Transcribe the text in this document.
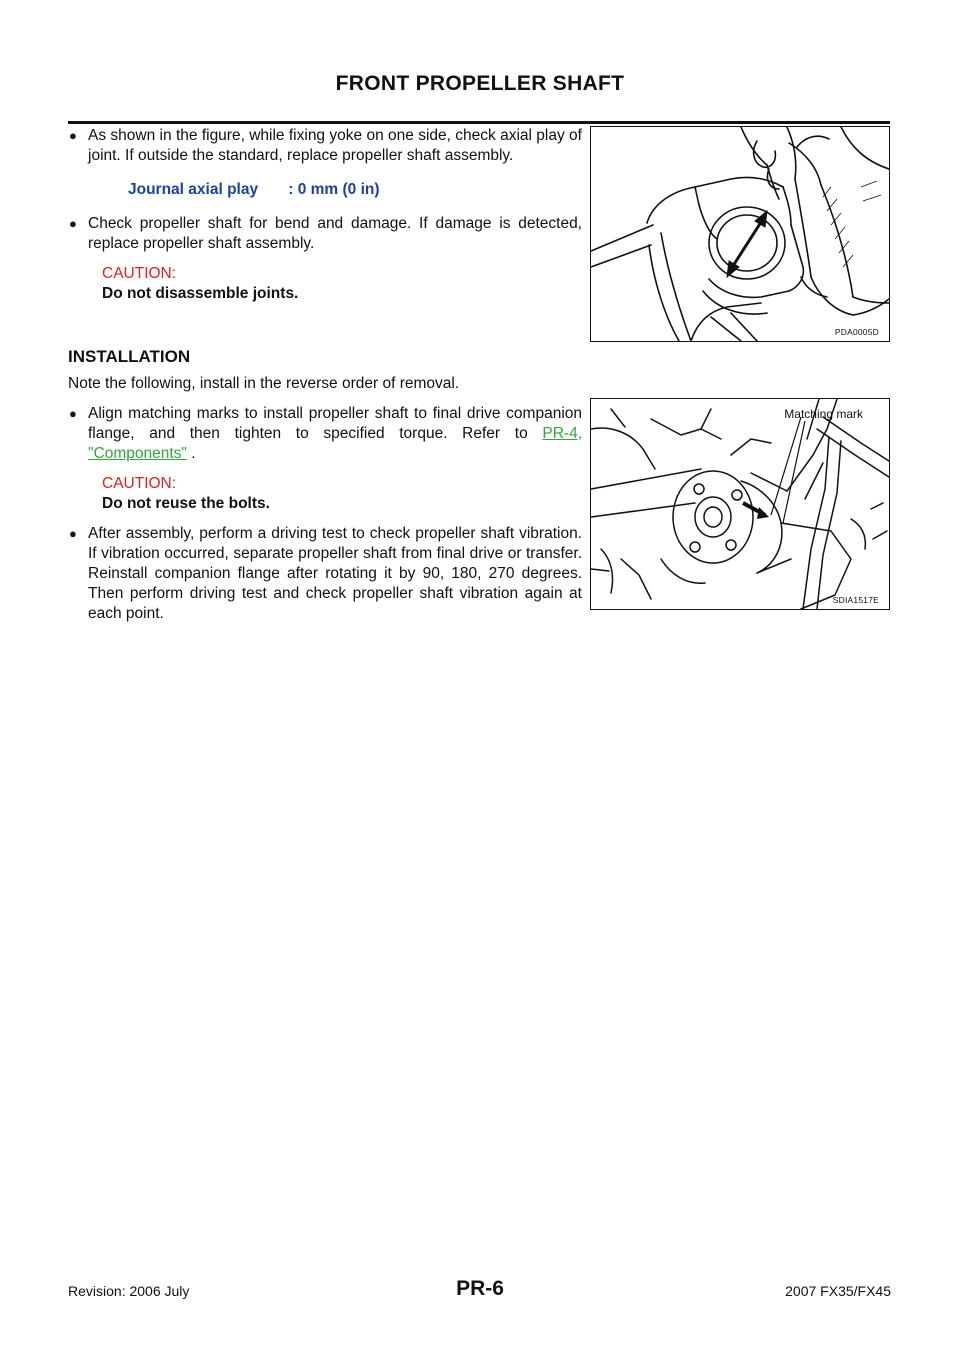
FRONT PROPELLER SHAFT
● As shown in the figure, while fixing yoke on one side, check axial play of joint. If outside the standard, replace propeller shaft assembly.
Journal axial play : 0 mm (0 in)
● Check propeller shaft for bend and damage. If damage is detected, replace propeller shaft assembly.
CAUTION:
Do not disassemble joints.
PDA0005D
INSTALLATION
Note the following, install in the reverse order of removal.
● Align matching marks to install propeller shaft to final drive companion flange, and then tighten to specified torque. Refer to PR-4, "Components" .
CAUTION:
Do not reuse the bolts.
● After assembly, perform a driving test to check propeller shaft vibration. If vibration occurred, separate propeller shaft from final drive or transfer. Reinstall companion flange after rotating it by 90, 180, 270 degrees. Then perform driving test and check propeller shaft vibration again at each point.
Matching mark
SDIA1517E
Revision: 2006 July	PR-6	2007 FX35/FX45
